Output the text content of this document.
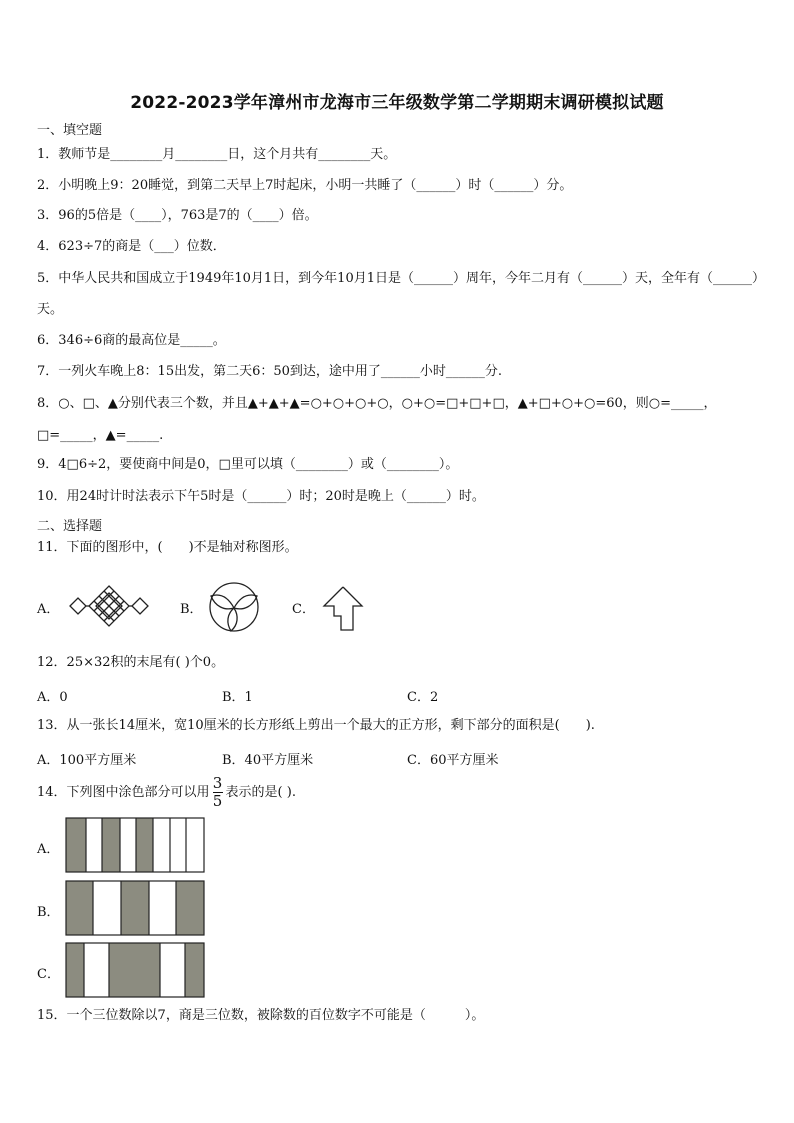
2022-2023学年漳州市龙海市三年级数学第二学期期末调研模拟试题
一、填空题
1．教师节是________月________日，这个月共有________天。
2．小明晚上9：20睡觉，到第二天早上7时起床，小明一共睡了（______）时（______）分。
3．96的5倍是（____），763是7的（____）倍。
4．623÷7的商是（___）位数．
5．中华人民共和国成立于1949年10月1日，到今年10月1日是（______）周年，今年二月有（______）天，全年有（______）天。
6．346÷6商的最高位是_____。
7．一列火车晚上8：15出发，第二天6：50到达，途中用了______小时______分.
8．○、□、▲分别代表三个数，并且▲+▲+▲=○+○+○+○，○+○=□+□+□，▲+□+○+○=60，则○=_____，□=_____，▲=_____.
9．4□6÷2，要使商中间是0，□里可以填（________）或（________）。
10．用24时计时法表示下午5时是（______）时；20时是晚上（______）时。
二、选择题
11．下面的图形中，(　　)不是轴对称图形。
A．	B．	C．
12．25×32积的末尾有( )个0。
A．0	B．1	C．2
13．从一张长14厘米，宽10厘米的长方形纸上剪出一个最大的正方形，剩下部分的面积是(　　).
A．100平方厘米	B．40平方厘米	C．60平方厘米
14．下列图中涂色部分可以用 $\frac{3}{5}$ 表示的是( ).
A．
B．
C．
15．一个三位数除以7，商是三位数，被除数的百位数字不可能是（　　　）。
